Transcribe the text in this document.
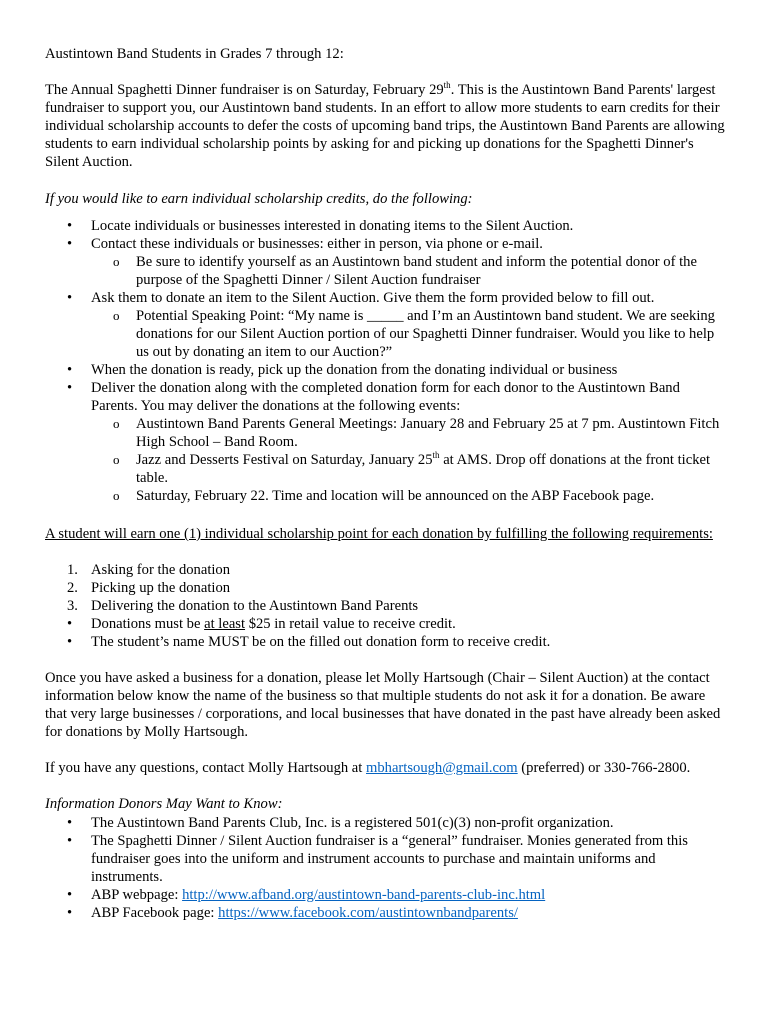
Austintown Band Students in Grades 7 through 12:

The Annual Spaghetti Dinner fundraiser is on Saturday, February 29th. This is the Austintown Band Parents' largest fundraiser to support you, our Austintown band students. In an effort to allow more students to earn credits for their individual scholarship accounts to defer the costs of upcoming band trips, the Austintown Band Parents are allowing students to earn individual scholarship points by asking for and picking up donations for the Spaghetti Dinner's Silent Auction.

If you would like to earn individual scholarship credits, do the following:

• Locate individuals or businesses interested in donating items to the Silent Auction.
• Contact these individuals or businesses: either in person, via phone or e-mail.
o Be sure to identify yourself as an Austintown band student and inform the potential donor of the purpose of the Spaghetti Dinner / Silent Auction fundraiser
• Ask them to donate an item to the Silent Auction. Give them the form provided below to fill out.
o Potential Speaking Point: “My name is _____ and I’m an Austintown band student. We are seeking donations for our Silent Auction portion of our Spaghetti Dinner fundraiser. Would you like to help us out by donating an item to our Auction?”
• When the donation is ready, pick up the donation from the donating individual or business
• Deliver the donation along with the completed donation form for each donor to the Austintown Band Parents. You may deliver the donations at the following events:
o Austintown Band Parents General Meetings: January 28 and February 25 at 7 pm. Austintown Fitch High School – Band Room.
o Jazz and Desserts Festival on Saturday, January 25th at AMS. Drop off donations at the front ticket table.
o Saturday, February 22. Time and location will be announced on the ABP Facebook page.

A student will earn one (1) individual scholarship point for each donation by fulfilling the following requirements:

1. Asking for the donation
2. Picking up the donation
3. Delivering the donation to the Austintown Band Parents
• Donations must be at least $25 in retail value to receive credit.
• The student’s name MUST be on the filled out donation form to receive credit.

Once you have asked a business for a donation, please let Molly Hartsough (Chair – Silent Auction) at the contact information below know the name of the business so that multiple students do not ask it for a donation. Be aware that very large businesses / corporations, and local businesses that have donated in the past have already been asked for donations by Molly Hartsough.

If you have any questions, contact Molly Hartsough at mbhartsough@gmail.com (preferred) or 330-766-2800.

Information Donors May Want to Know:

• The Austintown Band Parents Club, Inc. is a registered 501(c)(3) non-profit organization.
• The Spaghetti Dinner / Silent Auction fundraiser is a “general” fundraiser. Monies generated from this fundraiser goes into the uniform and instrument accounts to purchase and maintain uniforms and instruments.
• ABP webpage: http://www.afband.org/austintown-band-parents-club-inc.html
• ABP Facebook page: https://www.facebook.com/austintownbandparents/
